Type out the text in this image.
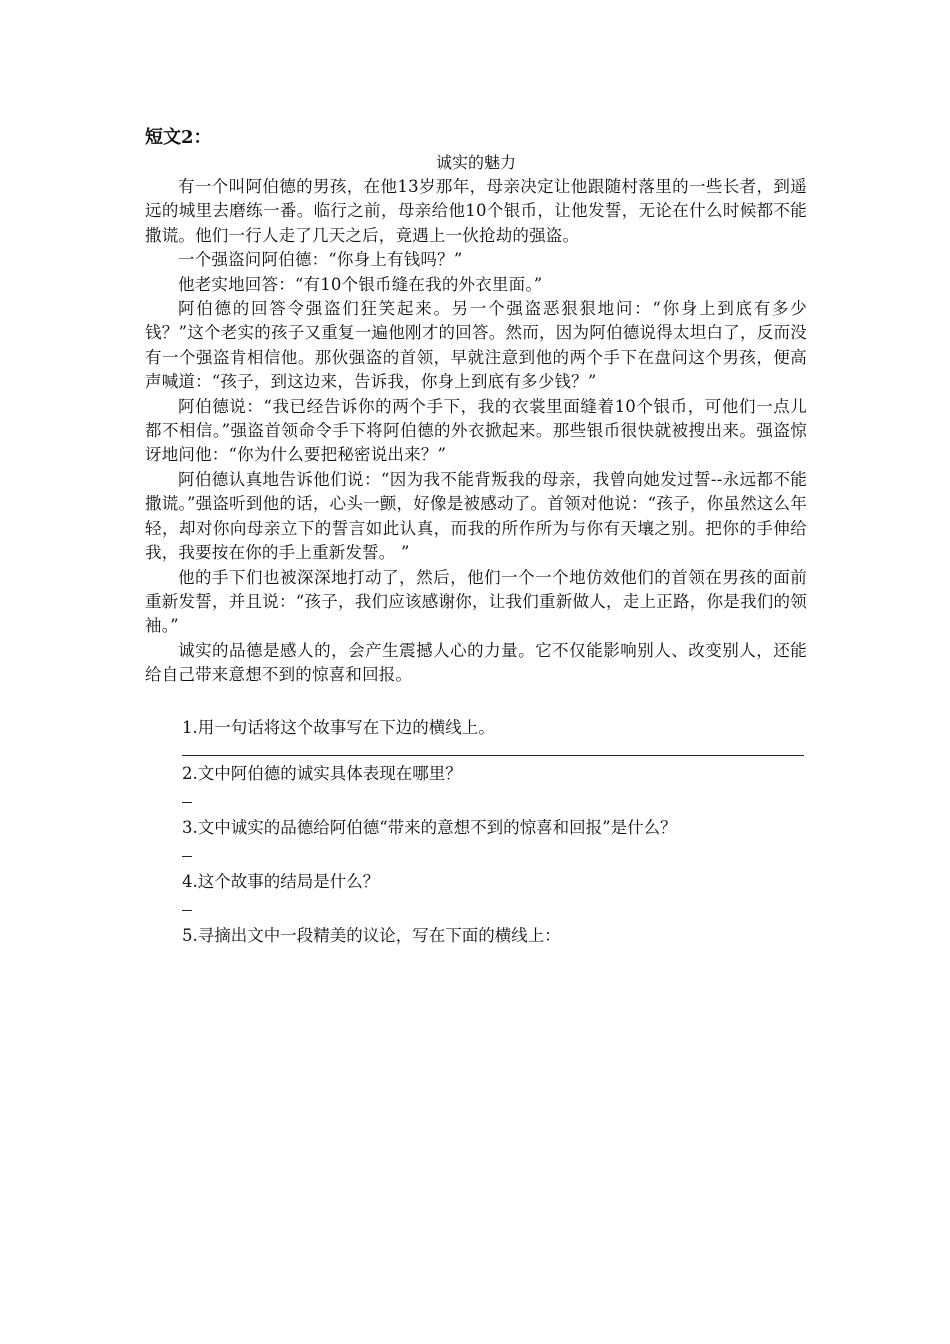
短文2：

诚实的魅力

有一个叫阿伯德的男孩，在他13岁那年，母亲决定让他跟随村落里的一些长者，到遥远的城里去磨练一番。临行之前，母亲给他10个银币，让他发誓，无论在什么时候都不能撒谎。他们一行人走了几天之后，竟遇上一伙抢劫的强盗。

一个强盗问阿伯德：“你身上有钱吗？”

他老实地回答：“有10个银币缝在我的外衣里面。”

阿伯德的回答令强盗们狂笑起来。另一个强盗恶狠狠地问：“你身上到底有多少钱？”这个老实的孩子又重复一遍他刚才的回答。然而，因为阿伯德说得太坦白了，反而没有一个强盗肯相信他。那伙强盗的首领，早就注意到他的两个手下在盘问这个男孩，便高声喊道：“孩子，到这边来，告诉我，你身上到底有多少钱？”

阿伯德说：“我已经告诉你的两个手下，我的衣裳里面缝着10个银币，可他们一点儿都不相信。”强盗首领命令手下将阿伯德的外衣掀起来。那些银币很快就被搜出来。强盗惊讶地问他：“你为什么要把秘密说出来？”

阿伯德认真地告诉他们说：“因为我不能背叛我的母亲，我曾向她发过誓--永远都不能撒谎。”强盗听到他的话，心头一颤，好像是被感动了。首领对他说：“孩子，你虽然这么年轻，却对你向母亲立下的誓言如此认真，而我的所作所为与你有天壤之别。把你的手伸给我，我要按在你的手上重新发誓。 ”

他的手下们也被深深地打动了，然后，他们一个一个地仿效他们的首领在男孩的面前重新发誓，并且说：“孩子，我们应该感谢你，让我们重新做人，走上正路，你是我们的领袖。”

诚实的品德是感人的，会产生震撼人心的力量。它不仅能影响别人、改变别人，还能给自己带来意想不到的惊喜和回报。

1.用一句话将这个故事写在下边的横线上。

2.文中阿伯德的诚实具体表现在哪里？

3.文中诚实的品德给阿伯德“带来的意想不到的惊喜和回报”是什么？

4.这个故事的结局是什么？

5.寻摘出文中一段精美的议论，写在下面的横线上：
